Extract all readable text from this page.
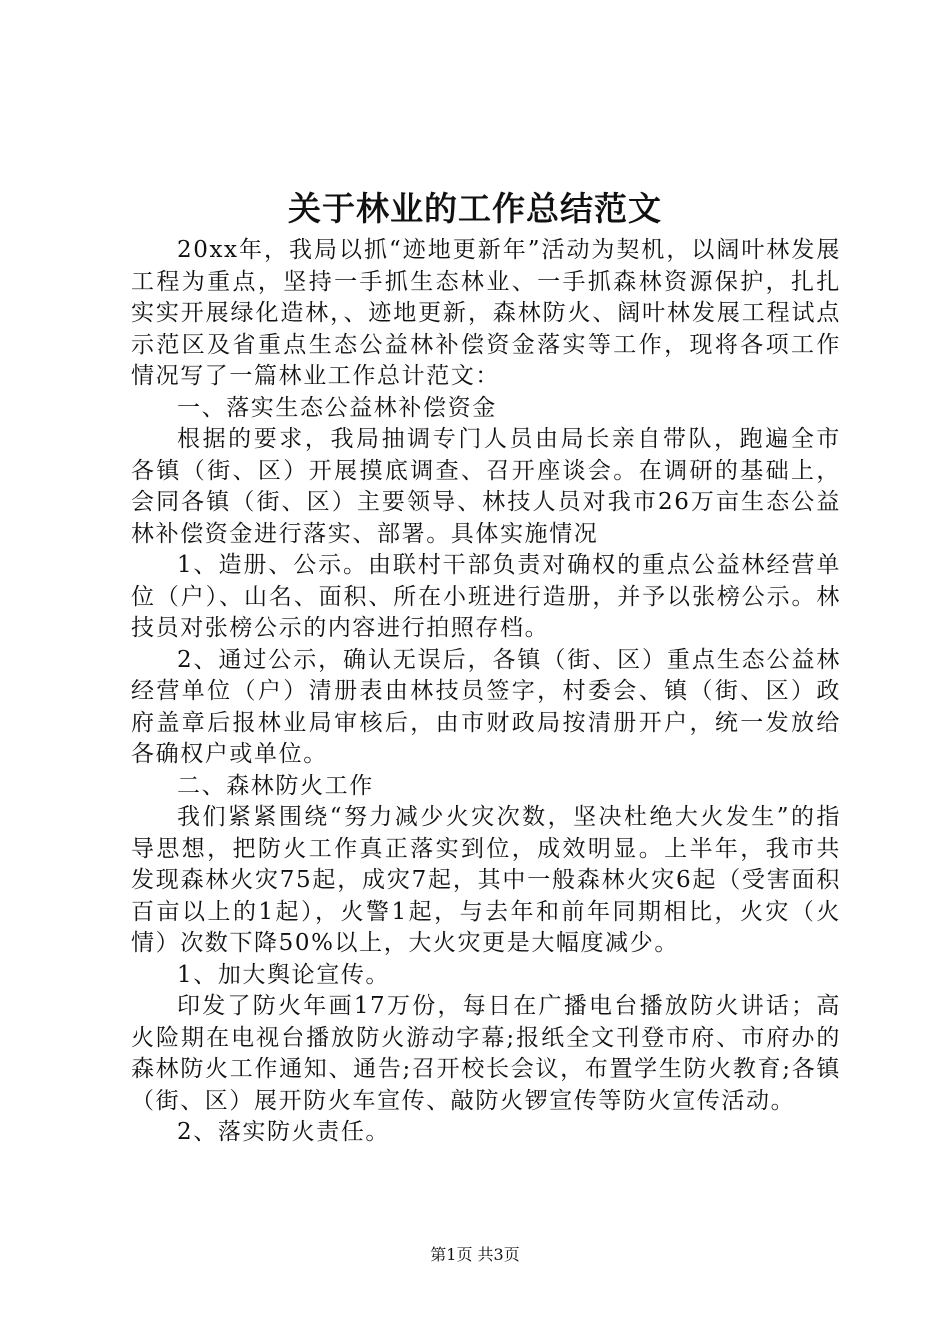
关于林业的工作总结范文

20xx年，我局以抓“迹地更新年”活动为契机，以阔叶林发展工程为重点，坚持一手抓生态林业、一手抓森林资源保护，扎扎实实开展绿化造林，、迹地更新，森林防火、阔叶林发展工程试点示范区及省重点生态公益林补偿资金落实等工作，现将各项工作情况写了一篇林业工作总计范文：

一、落实生态公益林补偿资金

根据的要求，我局抽调专门人员由局长亲自带队，跑遍全市各镇（街、区）开展摸底调查、召开座谈会。在调研的基础上，会同各镇（街、区）主要领导、林技人员对我市26万亩生态公益林补偿资金进行落实、部署。具体实施情况

1、造册、公示。由联村干部负责对确权的重点公益林经营单位（户）、山名、面积、所在小班进行造册，并予以张榜公示。林技员对张榜公示的内容进行拍照存档。

2、通过公示，确认无误后，各镇（街、区）重点生态公益林经营单位（户）清册表由林技员签字，村委会、镇（街、区）政府盖章后报林业局审核后，由市财政局按清册开户，统一发放给各确权户或单位。

二、森林防火工作

我们紧紧围绕“努力减少火灾次数，坚决杜绝大火发生”的指导思想，把防火工作真正落实到位，成效明显。上半年，我市共发现森林火灾75起，成灾7起，其中一般森林火灾6起（受害面积百亩以上的1起），火警1起，与去年和前年同期相比，火灾（火情）次数下降50%以上，大火灾更是大幅度减少。

1、加大舆论宣传。

印发了防火年画17万份，每日在广播电台播放防火讲话；高火险期在电视台播放防火游动字幕;报纸全文刊登市府、市府办的森林防火工作通知、通告;召开校长会议，布置学生防火教育;各镇（街、区）展开防火车宣传、敲防火锣宣传等防火宣传活动。

2、落实防火责任。

第1页 共3页
